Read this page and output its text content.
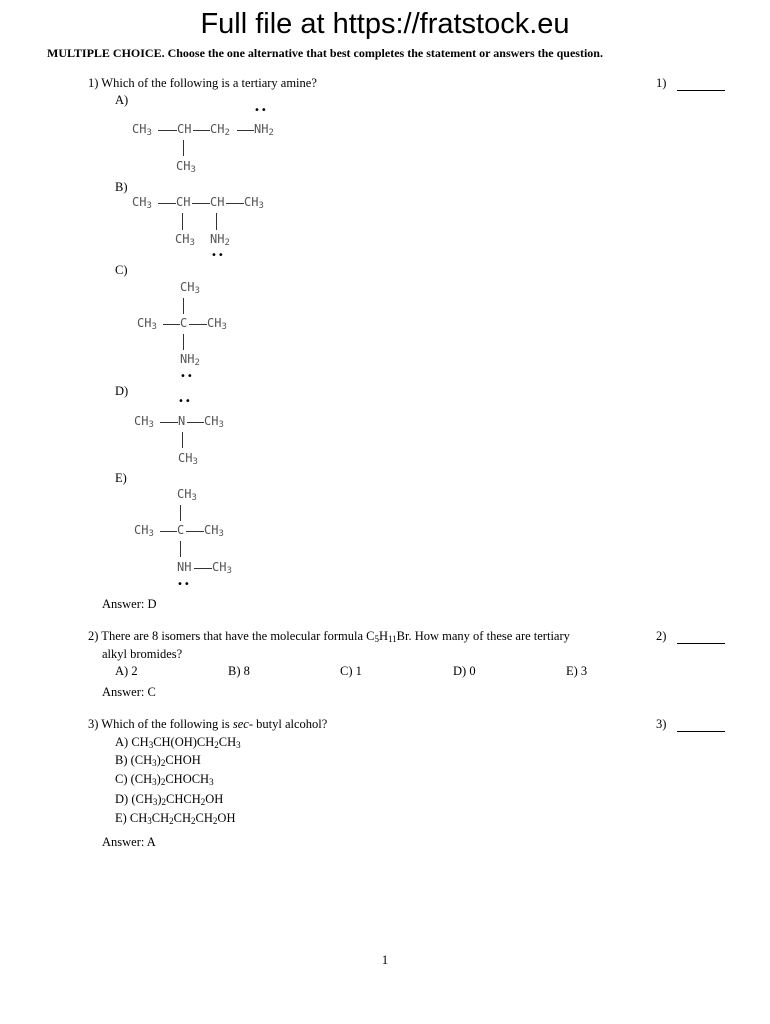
Full file at https://fratstock.eu
MULTIPLE CHOICE. Choose the one alternative that best completes the statement or answers the question.
1) Which of the following is a tertiary amine?	1)
A)
••
$CH_3$ CH $CH_2$ $NH_2$
$CH_3$
B)
$CH_3$ CH CH $CH_3$
$CH_3$ $NH_2$
••
C)
$CH_3$
$CH_3$ C $CH_3$
$NH_2$
••
D)
••
$CH_3$ N $CH_3$
$CH_3$
E)
$CH_3$
$CH_3$ C $CH_3$
NH $CH_3$
••
Answer: D
2) There are 8 isomers that have the molecular formula $C_5H_{11}Br$. How many of these are tertiary
alkyl bromides?
2)
A) 2	B) 8	C) 1	D) 0	E) 3
Answer: C
3) Which of the following is sec- butyl alcohol?	3)
A) $CH_3CH(OH)CH_2CH_3$
B) $(CH_3)_2CHOH$
C) $(CH_3)_2CHOCH_3$
D) $(CH_3)_2CHCH_2OH$
E) $CH_3CH_2CH_2CH_2OH$
Answer: A
1
